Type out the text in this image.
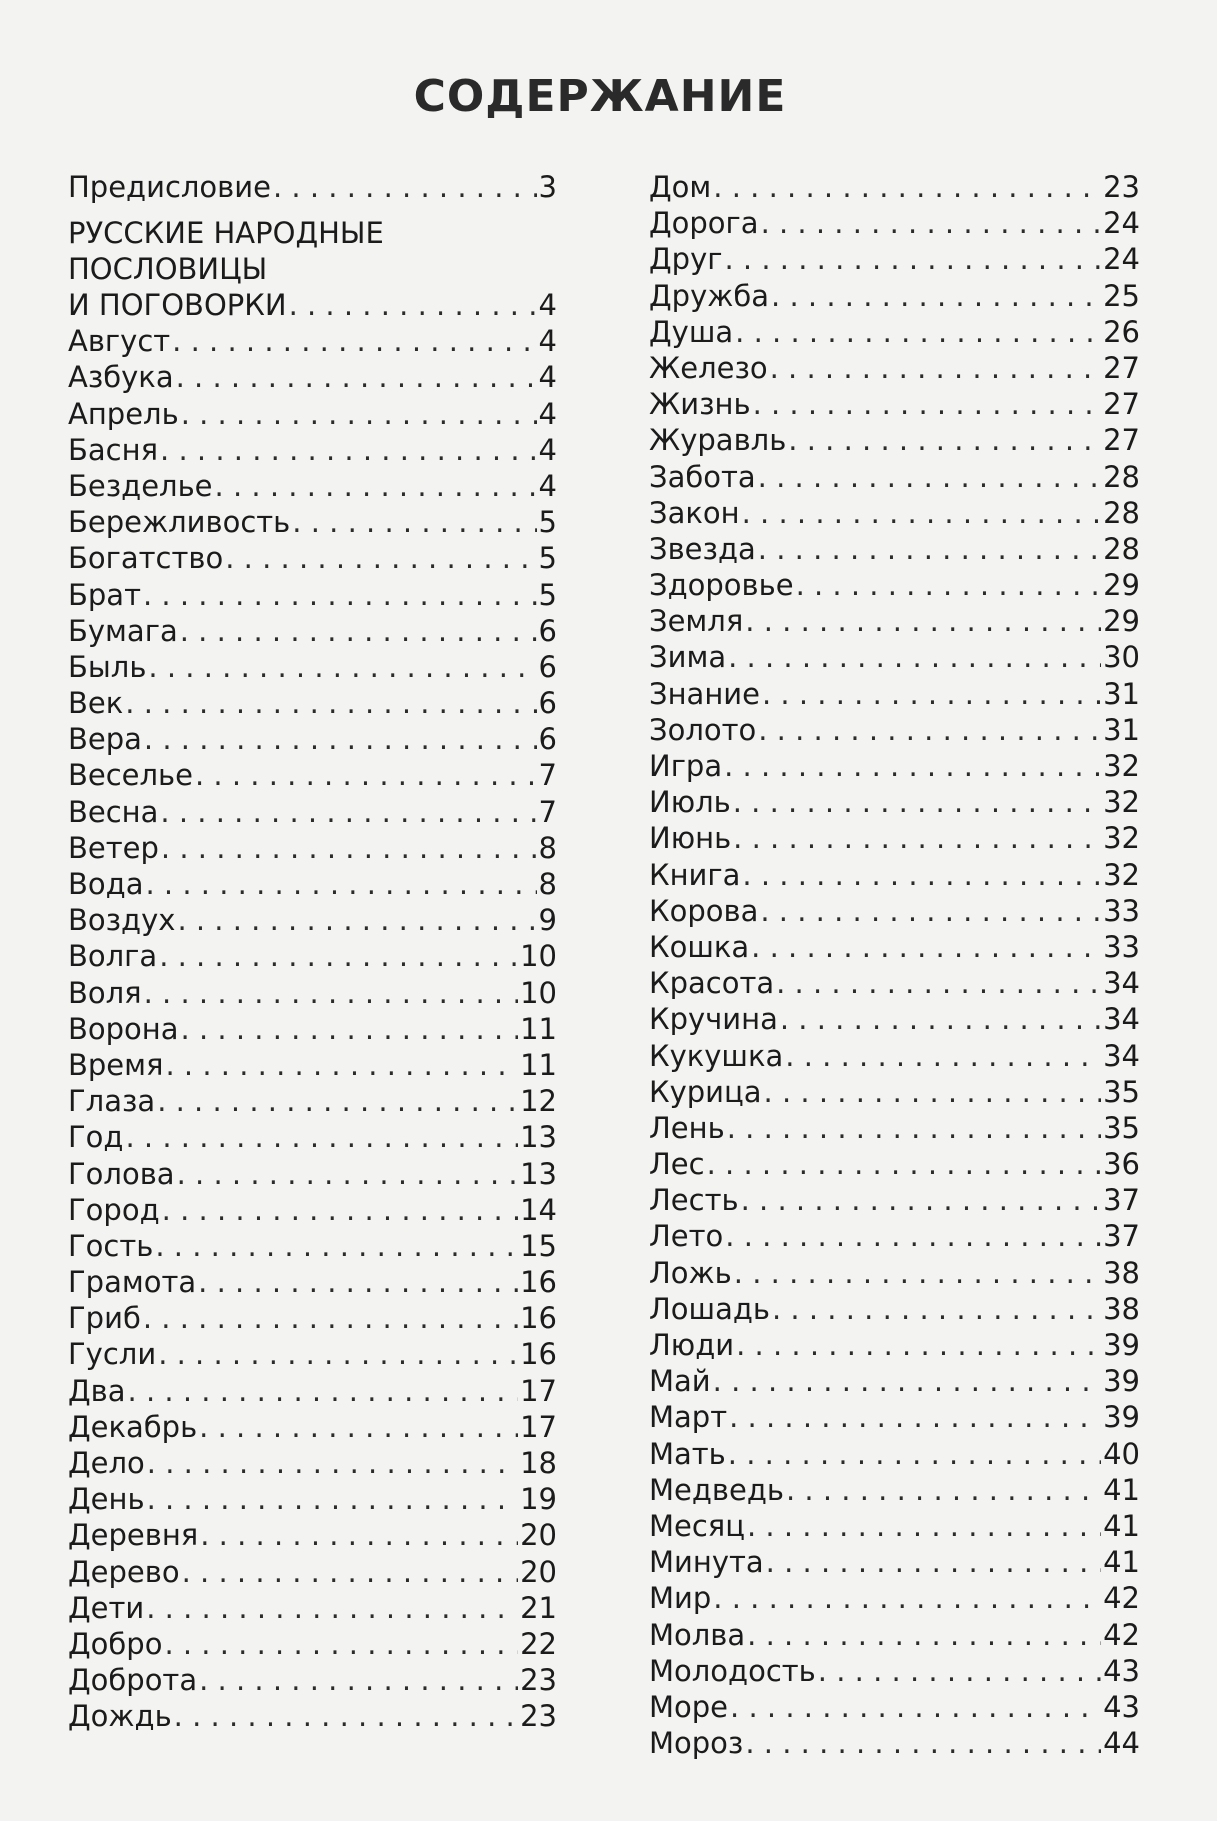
СОДЕРЖАНИЕ
Предисловие . . .	3
РУССКИЕ НАРОДНЫЕ
ПОСЛОВИЦЫ
И ПОГОВОРКИ . . .	4
Август . . .	4
Азбука . . .	4
Апрель . . .	4
Басня . . .	4
Безделье . . .	4
Бережливость . . .	5
Богатство . . .	5
Брат . . .	5
Бумага . . .	6
Быль . . .	6
Век . . .	6
Вера . . .	6
Веселье . . .	7
Весна . . .	7
Ветер . . .	8
Вода . . .	8
Воздух . . .	9
Волга . . .	10
Воля . . .	10
Ворона . . .	11
Время . . .	11
Глаза . . .	12
Год . . .	13
Голова . . .	13
Город . . .	14
Гость . . .	15
Грамота . . .	16
Гриб . . .	16
Гусли . . .	16
Два . . .	17
Декабрь . . .	17
Дело . . .	18
День . . .	19
Деревня . . .	20
Дерево . . .	20
Дети . . .	21
Добро . . .	22
Доброта . . .	23
Дождь . . .	23
Дом . . .	23
Дорога . . .	24
Друг . . .	24
Дружба . . .	25
Душа . . .	26
Железо . . .	27
Жизнь . . .	27
Журавль . . .	27
Забота . . .	28
Закон . . .	28
Звезда . . .	28
Здоровье . . .	29
Земля . . .	29
Зима . . .	30
Знание . . .	31
Золото . . .	31
Игра . . .	32
Июль . . .	32
Июнь . . .	32
Книга . . .	32
Корова . . .	33
Кошка . . .	33
Красота . . .	34
Кручина . . .	34
Кукушка . . .	34
Курица . . .	35
Лень . . .	35
Лес . . .	36
Лесть . . .	37
Лето . . .	37
Ложь . . .	38
Лошадь . . .	38
Люди . . .	39
Май . . .	39
Март . . .	39
Мать . . .	40
Медведь . . .	41
Месяц . . .	41
Минута . . .	41
Мир . . .	42
Молва . . .	42
Молодость . . .	43
Море . . .	43
Мороз . . .	44
